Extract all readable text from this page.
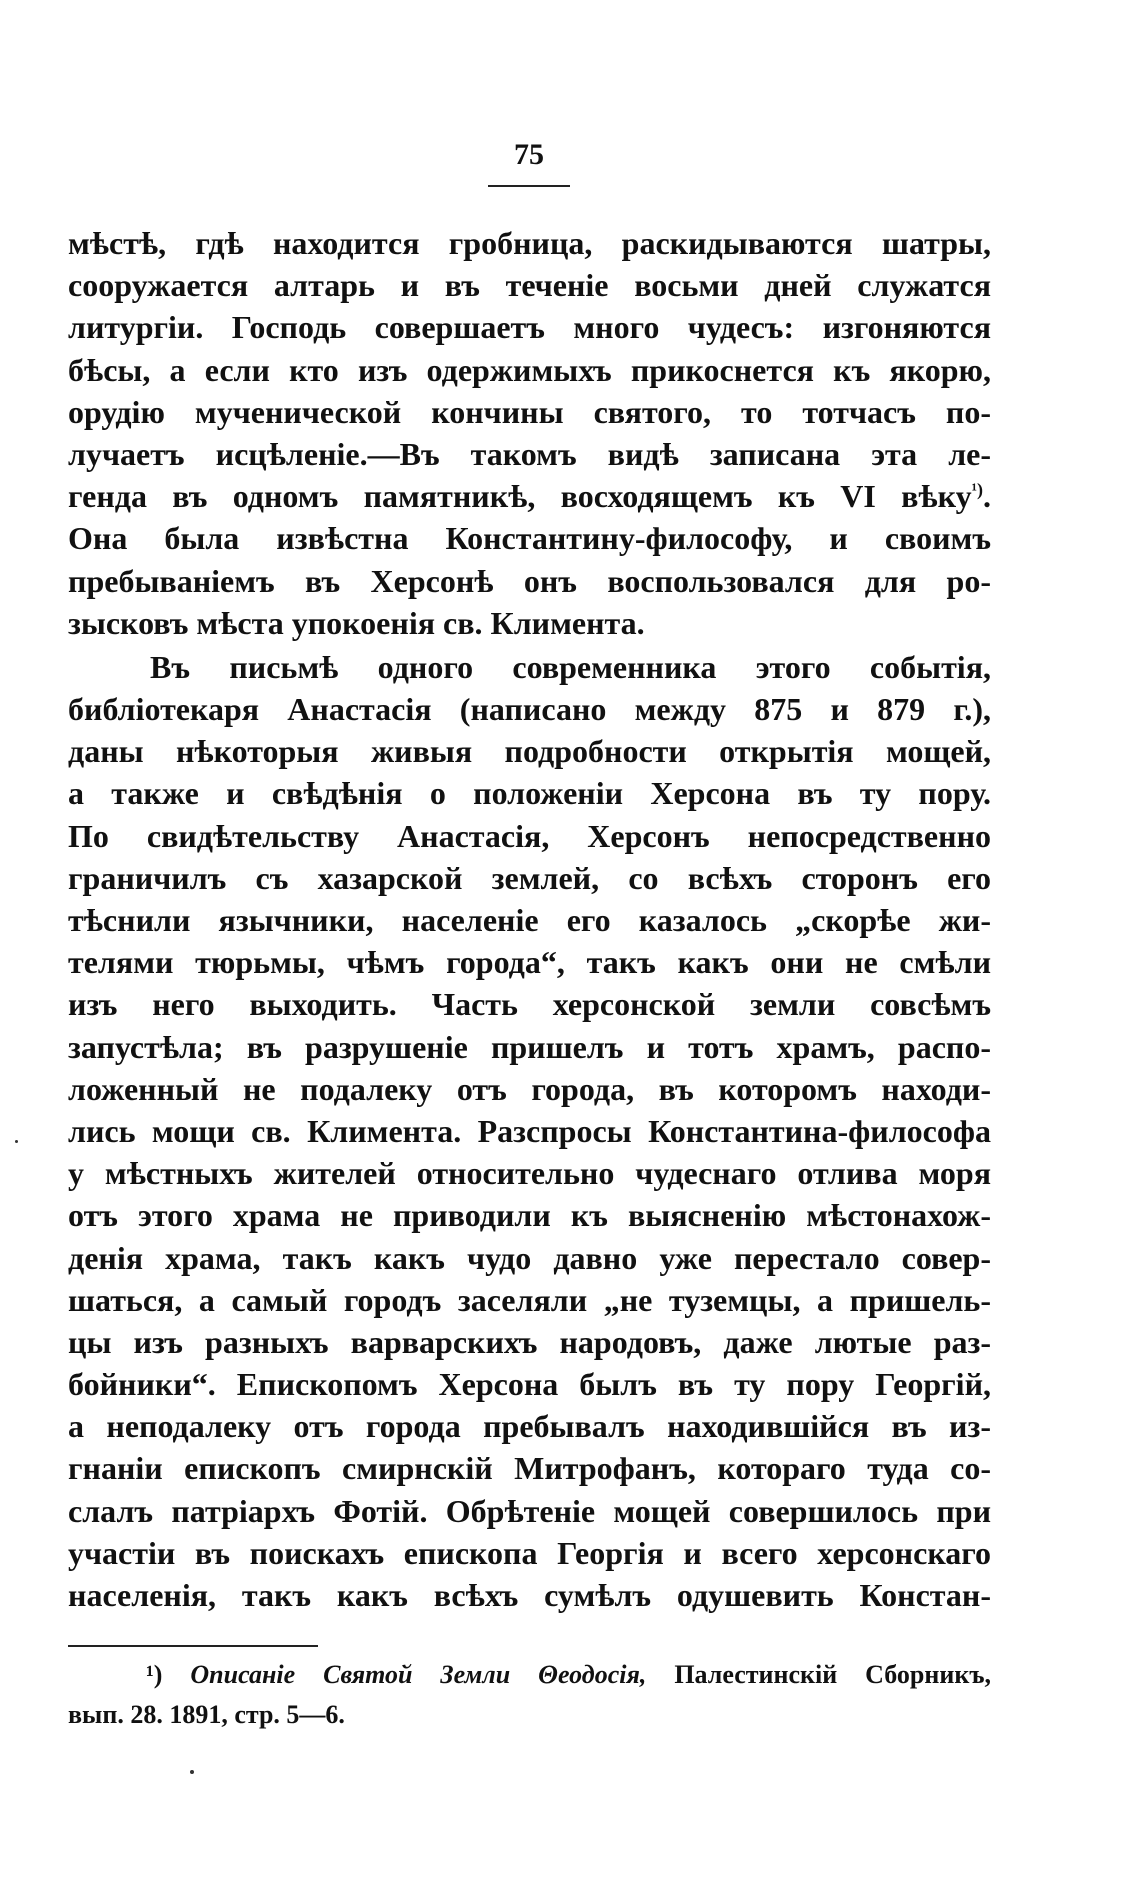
75
мѣстѣ, гдѣ находится гробница, раскидываются шатры,
сооружается алтарь и въ теченіе восьми дней служатся
литургіи. Господь совершаетъ много чудесъ: изгоняются
бѣсы, а если кто изъ одержимыхъ прикоснется къ якорю,
орудію мученической кончины святого, то тотчасъ по-
лучаетъ исцѣленіе.—Въ такомъ видѣ записана эта ле-
генда въ одномъ памятникѣ, восходящемъ къ VI вѣку$^{^1)}$.
Она была извѣстна Константину-философу, и своимъ
пребываніемъ въ Херсонѣ онъ воспользовался для ро-
зысковъ мѣста упокоенія св. Климента.
Въ письмѣ одного современника этого событія,
библіотекаря Анастасія (написано между 875 и 879 г.),
даны нѣкоторыя живыя подробности открытія мощей,
а также и свѣдѣнія о положеніи Херсона въ ту пору.
По свидѣтельству Анастасія, Херсонъ непосредственно
граничилъ съ хазарской землей, со всѣхъ сторонъ его
тѣснили язычники, населеніе его казалось „скорѣе жи-
телями тюрьмы, чѣмъ города“, такъ какъ они не смѣли
изъ него выходить. Часть херсонской земли совсѣмъ
запустѣла; въ разрушеніе пришелъ и тотъ храмъ, распо-
ложенный не подалеку отъ города, въ которомъ находи-
лись мощи св. Климента. Разспросы Константина-философа
у мѣстныхъ жителей относительно чудеснаго отлива моря
отъ этого храма не приводили къ выясненію мѣстонахож-
денія храма, такъ какъ чудо давно уже перестало совер-
шаться, а самый городъ заселяли „не туземцы, а пришель-
цы изъ разныхъ варварскихъ народовъ, даже лютые раз-
бойники“. Епископомъ Херсона былъ въ ту пору Георгій,
а неподалеку отъ города пребывалъ находившійся въ из-
гнаніи епископъ смирнскій Митрофанъ, котораго туда со-
слалъ патріархъ Фотій. Обрѣтеніе мощей совершилось при
участіи въ поискахъ епископа Георгія и всего херсонскаго
населенія, такъ какъ всѣхъ сумѣлъ одушевить Констан-
¹) Описаніе Святой Земли Θеодосія, Палестинскій Сборникъ,
вып. 28. 1891, стр. 5—6.
